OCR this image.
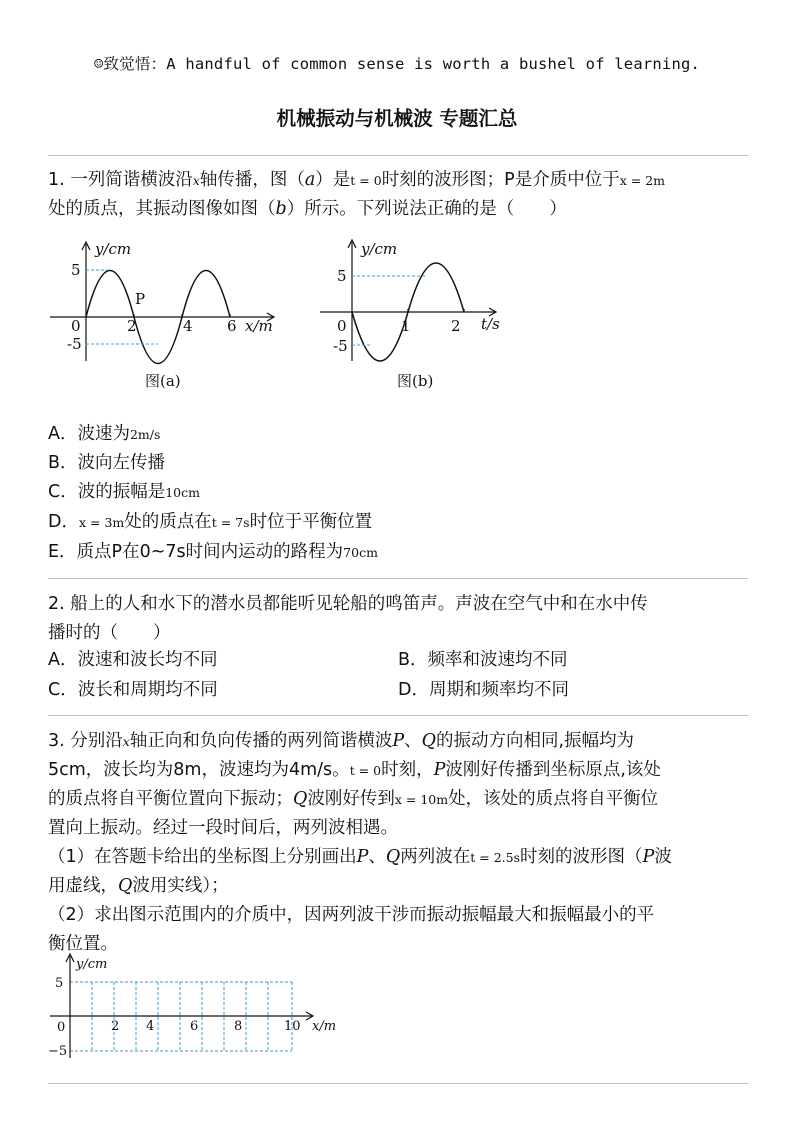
☺致觉悟：A handful of common sense is worth a bushel of learning.
机械振动与机械波 专题汇总
1. 一列简谐横波沿x轴传播，图（a）是t = 0时刻的波形图；P是介质中位于x = 2m
处的质点，其振动图像如图（b）所示。下列说法正确的是（　　）
y/cm
5
-5
0	2	4 6
P
x/m
图(a)
y/cm
5
-5
0	1	2 t/s
图(b)
A．波速为2m/s
B．波向左传播
C．波的振幅是10cm
D．x = 3m处的质点在t = 7s时位于平衡位置
E．质点P在0~7s时间内运动的路程为70cm
2. 船上的人和水下的潜水员都能听见轮船的鸣笛声。声波在空气中和在水中传
播时的（　　）
A．波速和波长均不同	B．频率和波速均不同
C．波长和周期均不同	D．周期和频率均不同
3. 分别沿x轴正向和负向传播的两列简谐横波P、Q的振动方向相同,振幅均为
5cm，波长均为8m，波速均为4m/s。t = 0时刻，P波刚好传播到坐标原点,该处
的质点将自平衡位置向下振动；Q波刚好传到x = 10m处，该处的质点将自平衡位
置向上振动。经过一段时间后，两列波相遇。
（1）在答题卡给出的坐标图上分别画出P、Q两列波在t = 2.5s时刻的波形图（P波
用虚线，Q波用实线）；
（2）求出图示范围内的介质中，因两列波干涉而振动振幅最大和振幅最小的平
衡位置。
y/cm
5
−5
0	2 4	6	8	10 x/m
